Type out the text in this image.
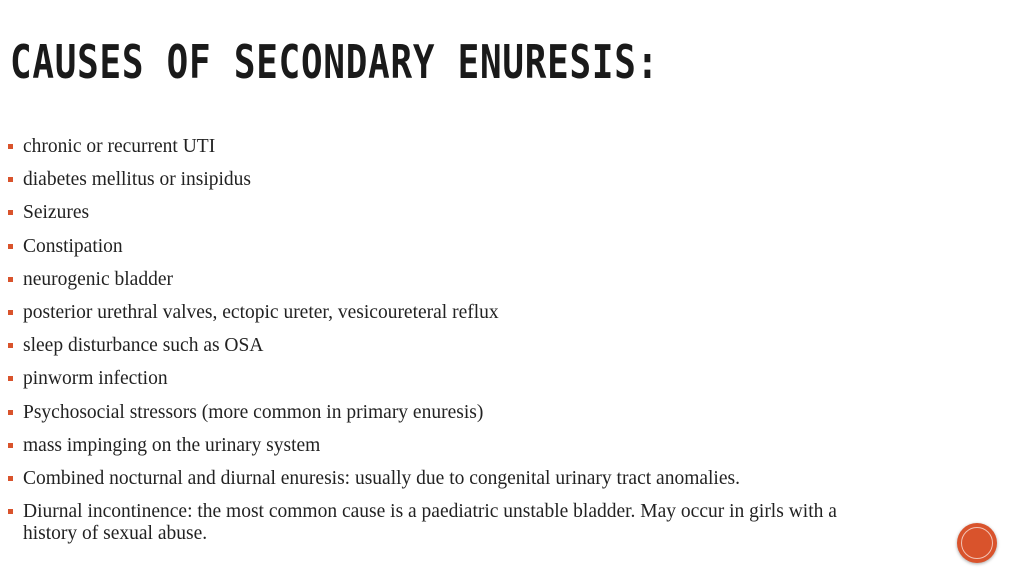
CAUSES OF SECONDARY ENURESIS:
chronic or recurrent UTI
diabetes mellitus or insipidus
Seizures
Constipation
neurogenic bladder
posterior urethral valves, ectopic ureter, vesicoureteral reflux
sleep disturbance such as OSA
pinworm infection
Psychosocial stressors (more common in primary enuresis)
mass impinging on the urinary system
Combined nocturnal and diurnal enuresis: usually due to congenital urinary tract anomalies.
Diurnal incontinence: the most common cause is a paediatric unstable bladder. May occur in girls with a history of sexual abuse.
